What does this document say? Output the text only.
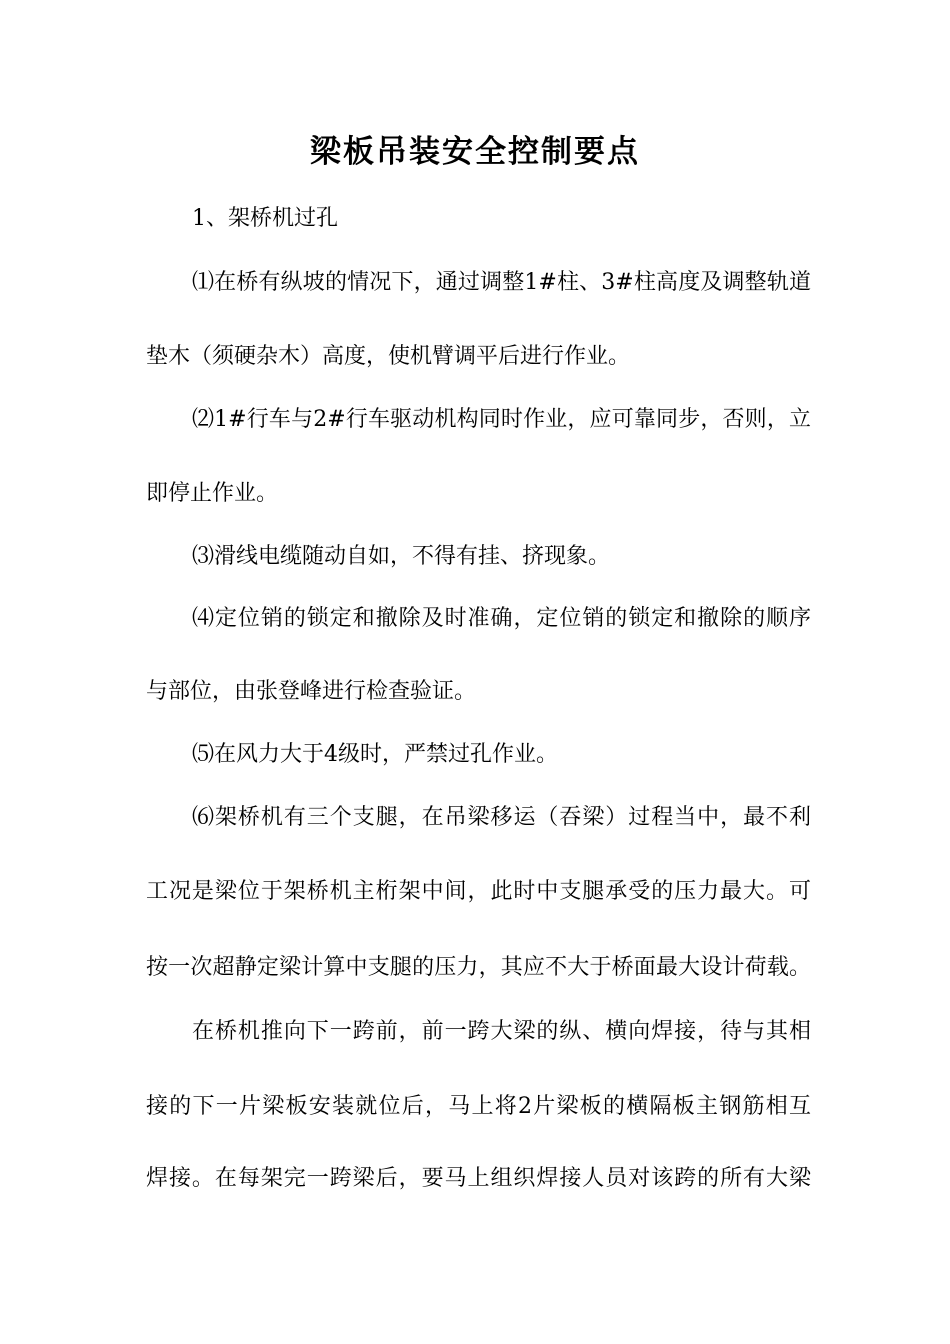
梁板吊装安全控制要点

1、架桥机过孔

⑴在桥有纵坡的情况下，通过调整1#柱、3#柱高度及调整轨道

垫木（须硬杂木）高度，使机臂调平后进行作业。

⑵1#行车与2#行车驱动机构同时作业，应可靠同步，否则，立

即停止作业。

⑶滑线电缆随动自如，不得有挂、挤现象。

⑷定位销的锁定和撤除及时准确，定位销的锁定和撤除的顺序

与部位，由张登峰进行检查验证。

⑸在风力大于4级时，严禁过孔作业。

⑹架桥机有三个支腿，在吊梁移运（吞梁）过程当中，最不利

工况是梁位于架桥机主桁架中间，此时中支腿承受的压力最大。可

按一次超静定梁计算中支腿的压力，其应不大于桥面最大设计荷载。

在桥机推向下一跨前，前一跨大梁的纵、横向焊接，待与其相

接的下一片梁板安装就位后，马上将2片梁板的横隔板主钢筋相互

焊接。在每架完一跨梁后，要马上组织焊接人员对该跨的所有大梁
